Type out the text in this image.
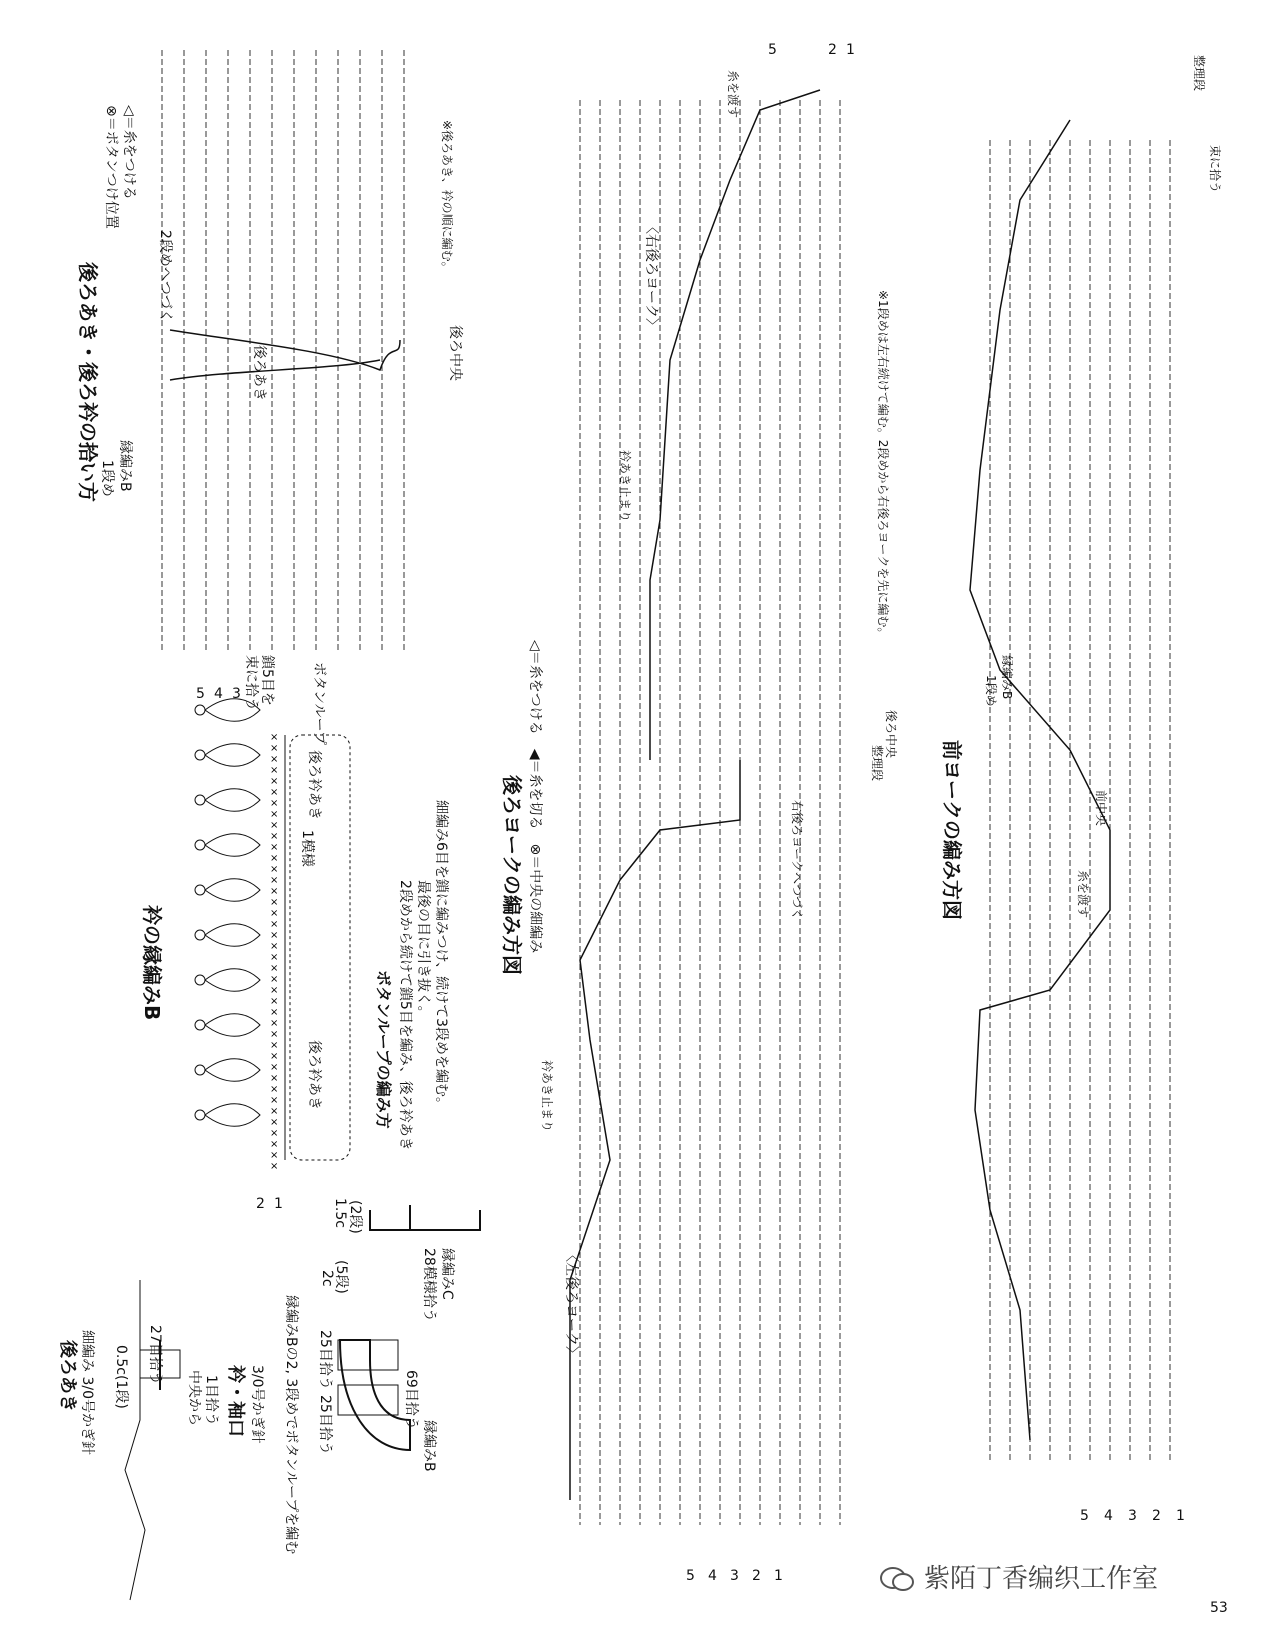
後ろあき・後ろ衿の拾い方 縁編みB
1段め
2段めへつづく
◁＝糸をつける
⊗＝ボタンつけ位置
後ろあき	後ろ中央
※後ろあき、衿の順に編む。
衿の縁編みB
×
×
×
×
×
×
×
×
×
×
×
×
×
×
×
×
×
×
×
×
×
×
×
×
×
×
×
×
×
×
×
×
×
×
×
×
×
×
×
×
1模様
後ろ衿あき
後ろ衿あき
鎖5目を
束に拾う	ボタンループ
5 4 3
2 1
ボタンループの編み方 2段めから続けて鎖5目を編み、後ろ衿あき 最後の目に引き抜く。 細編み6目を鎖に編みつけ、続けて3段めを編む。
後ろあき 細編み 3/0号かぎ針 0.5c(1段) 27目拾う
中央から 1目拾う 衿・袖口 3/0号かぎ針 縁編みBの2, 3段めでボタンループを編む 25目拾う
25目拾う	69目拾う
縁編みB
2c
(5段)
1.5c (2段)
28模様拾う 縁編みC
後ろヨークの編み方図 ◁＝糸をつける　◀＝糸を切る　⊗＝中央の細編み
〈左後ろヨーク〉
〈右後ろヨーク〉
衿あき止まり
衿あき止まり
右後ろヨークへつづく
整理段
後ろ中央
糸を渡す
※1段めは左右続けて編む。2段めから右後ろヨークを先に編む。
5 4 3 2 1
5	2 1
前ヨークの編み方図	糸を渡す
前中央
縁編みB
1段め
整理段
束に拾う
5 4 3 2 1
紫陌丁香编织工作室
53
